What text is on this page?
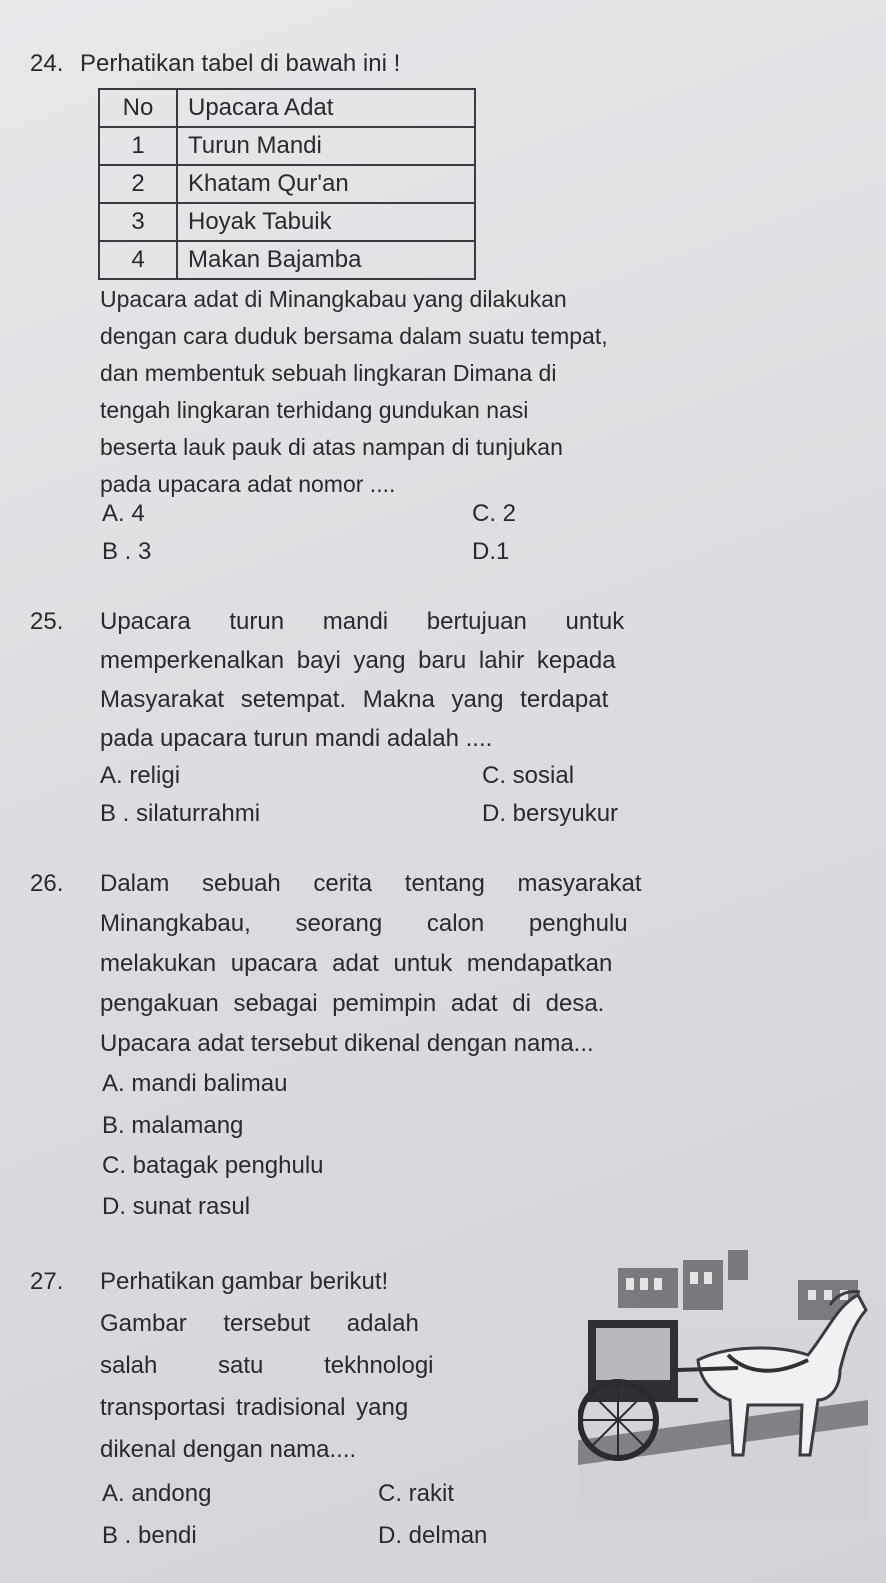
24. Perhatikan tabel di bawah ini !
No	Upacara Adat
1	Turun Mandi
2	Khatam Qur'an
3	Hoyak Tabuik
4	Makan Bajamba
Upacara adat di Minangkabau yang dilakukan
dengan cara duduk bersama dalam suatu tempat,
dan membentuk sebuah lingkaran Dimana di
tengah lingkaran terhidang gundukan nasi
beserta lauk pauk di atas nampan di tunjukan
pada upacara adat nomor ....
A. 4
B . 3
C. 2
D.1
25. Upacara turun mandi bertujuan untuk
memperkenalkan bayi yang baru lahir kepada
Masyarakat setempat. Makna yang terdapat
pada upacara turun mandi adalah ....
A. religi
B . silaturrahmi
C. sosial
D. bersyukur
26. Dalam sebuah cerita tentang masyarakat
Minangkabau, seorang calon penghulu
melakukan upacara adat untuk mendapatkan
pengakuan sebagai pemimpin adat di desa.
Upacara adat tersebut dikenal dengan nama...
A. mandi balimau
B. malamang
C. batagak penghulu
D. sunat rasul
27. Perhatikan gambar berikut!
Gambar tersebut adalah
salah satu tekhnologi
transportasi tradisional yang
dikenal dengan nama....
A. andong
B . bendi
C. rakit
D. delman
